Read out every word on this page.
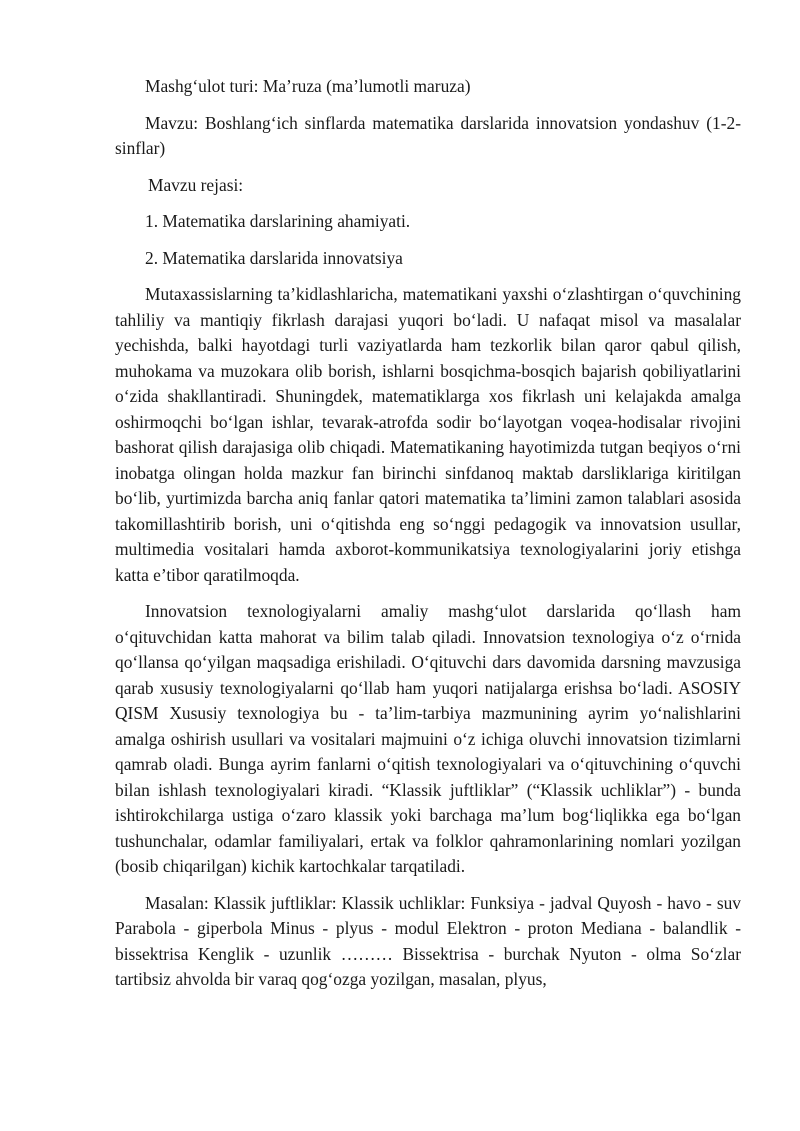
Mashg‘ulot turi: Ma’ruza (ma’lumotli maruza)

Mavzu: Boshlang‘ich sinflarda matematika darslarida innovatsion yondashuv (1-2-sinflar)

Mavzu rejasi:

1. Matematika darslarining ahamiyati.

2. Matematika darslarida innovatsiya

Mutaxassislarning ta’kidlashlaricha, matematikani yaxshi o‘zlashtirgan o‘quvchining tahliliy va mantiqiy fikrlash darajasi yuqori bo‘ladi. U nafaqat misol va masalalar yechishda, balki hayotdagi turli vaziyatlarda ham tezkorlik bilan qaror qabul qilish, muhokama va muzokara olib borish, ishlarni bosqichma-bosqich bajarish qobiliyatlarini o‘zida shakllantiradi. Shuningdek, matematiklarga xos fikrlash uni kelajakda amalga oshirmoqchi bo‘lgan ishlar, tevarak-atrofda sodir bo‘layotgan voqea-hodisalar rivojini bashorat qilish darajasiga olib chiqadi. Matematikaning hayotimizda tutgan beqiyos o‘rni inobatga olingan holda mazkur fan birinchi sinfdanoq maktab darsliklariga kiritilgan bo‘lib, yurtimizda barcha aniq fanlar qatori matematika ta’limini zamon talablari asosida takomillashtirib borish, uni o‘qitishda eng so‘nggi pedagogik va innovatsion usullar, multimedia vositalari hamda axborot-kommunikatsiya texnologiyalarini joriy etishga katta e’tibor qaratilmoqda.

Innovatsion texnologiyalarni amaliy mashg‘ulot darslarida qo‘llash ham o‘qituvchidan katta mahorat va bilim talab qiladi. Innovatsion texnologiya o‘z o‘rnida qo‘llansa qo‘yilgan maqsadiga erishiladi. O‘qituvchi dars davomida darsning mavzusiga qarab xususiy texnologiyalarni qo‘llab ham yuqori natijalarga erishsa bo‘ladi. ASOSIY QISM Xususiy texnologiya bu - ta’lim-tarbiya mazmunining ayrim yo‘nalishlarini amalga oshirish usullari va vositalari majmuini o‘z ichiga oluvchi innovatsion tizimlarni qamrab oladi. Bunga ayrim fanlarni o‘qitish texnologiyalari va o‘qituvchining o‘quvchi bilan ishlash texnologiyalari kiradi. “Klassik juftliklar” (“Klassik uchliklar”) - bunda ishtirokchilarga ustiga o‘zaro klassik yoki barchaga ma’lum bog‘liqlikka ega bo‘lgan tushunchalar, odamlar familiyalari, ertak va folklor qahramonlarining nomlari yozilgan (bosib chiqarilgan) kichik kartochkalar tarqatiladi.

Masalan: Klassik juftliklar: Klassik uchliklar: Funksiya - jadval Quyosh - havo - suv Parabola - giperbola Minus - plyus - modul Elektron - proton Mediana - balandlik - bissektrisa Kenglik - uzunlik ……… Bissektrisa - burchak Nyuton - olma So‘zlar tartibsiz ahvolda bir varaq qog‘ozga yozilgan, masalan, plyus,
